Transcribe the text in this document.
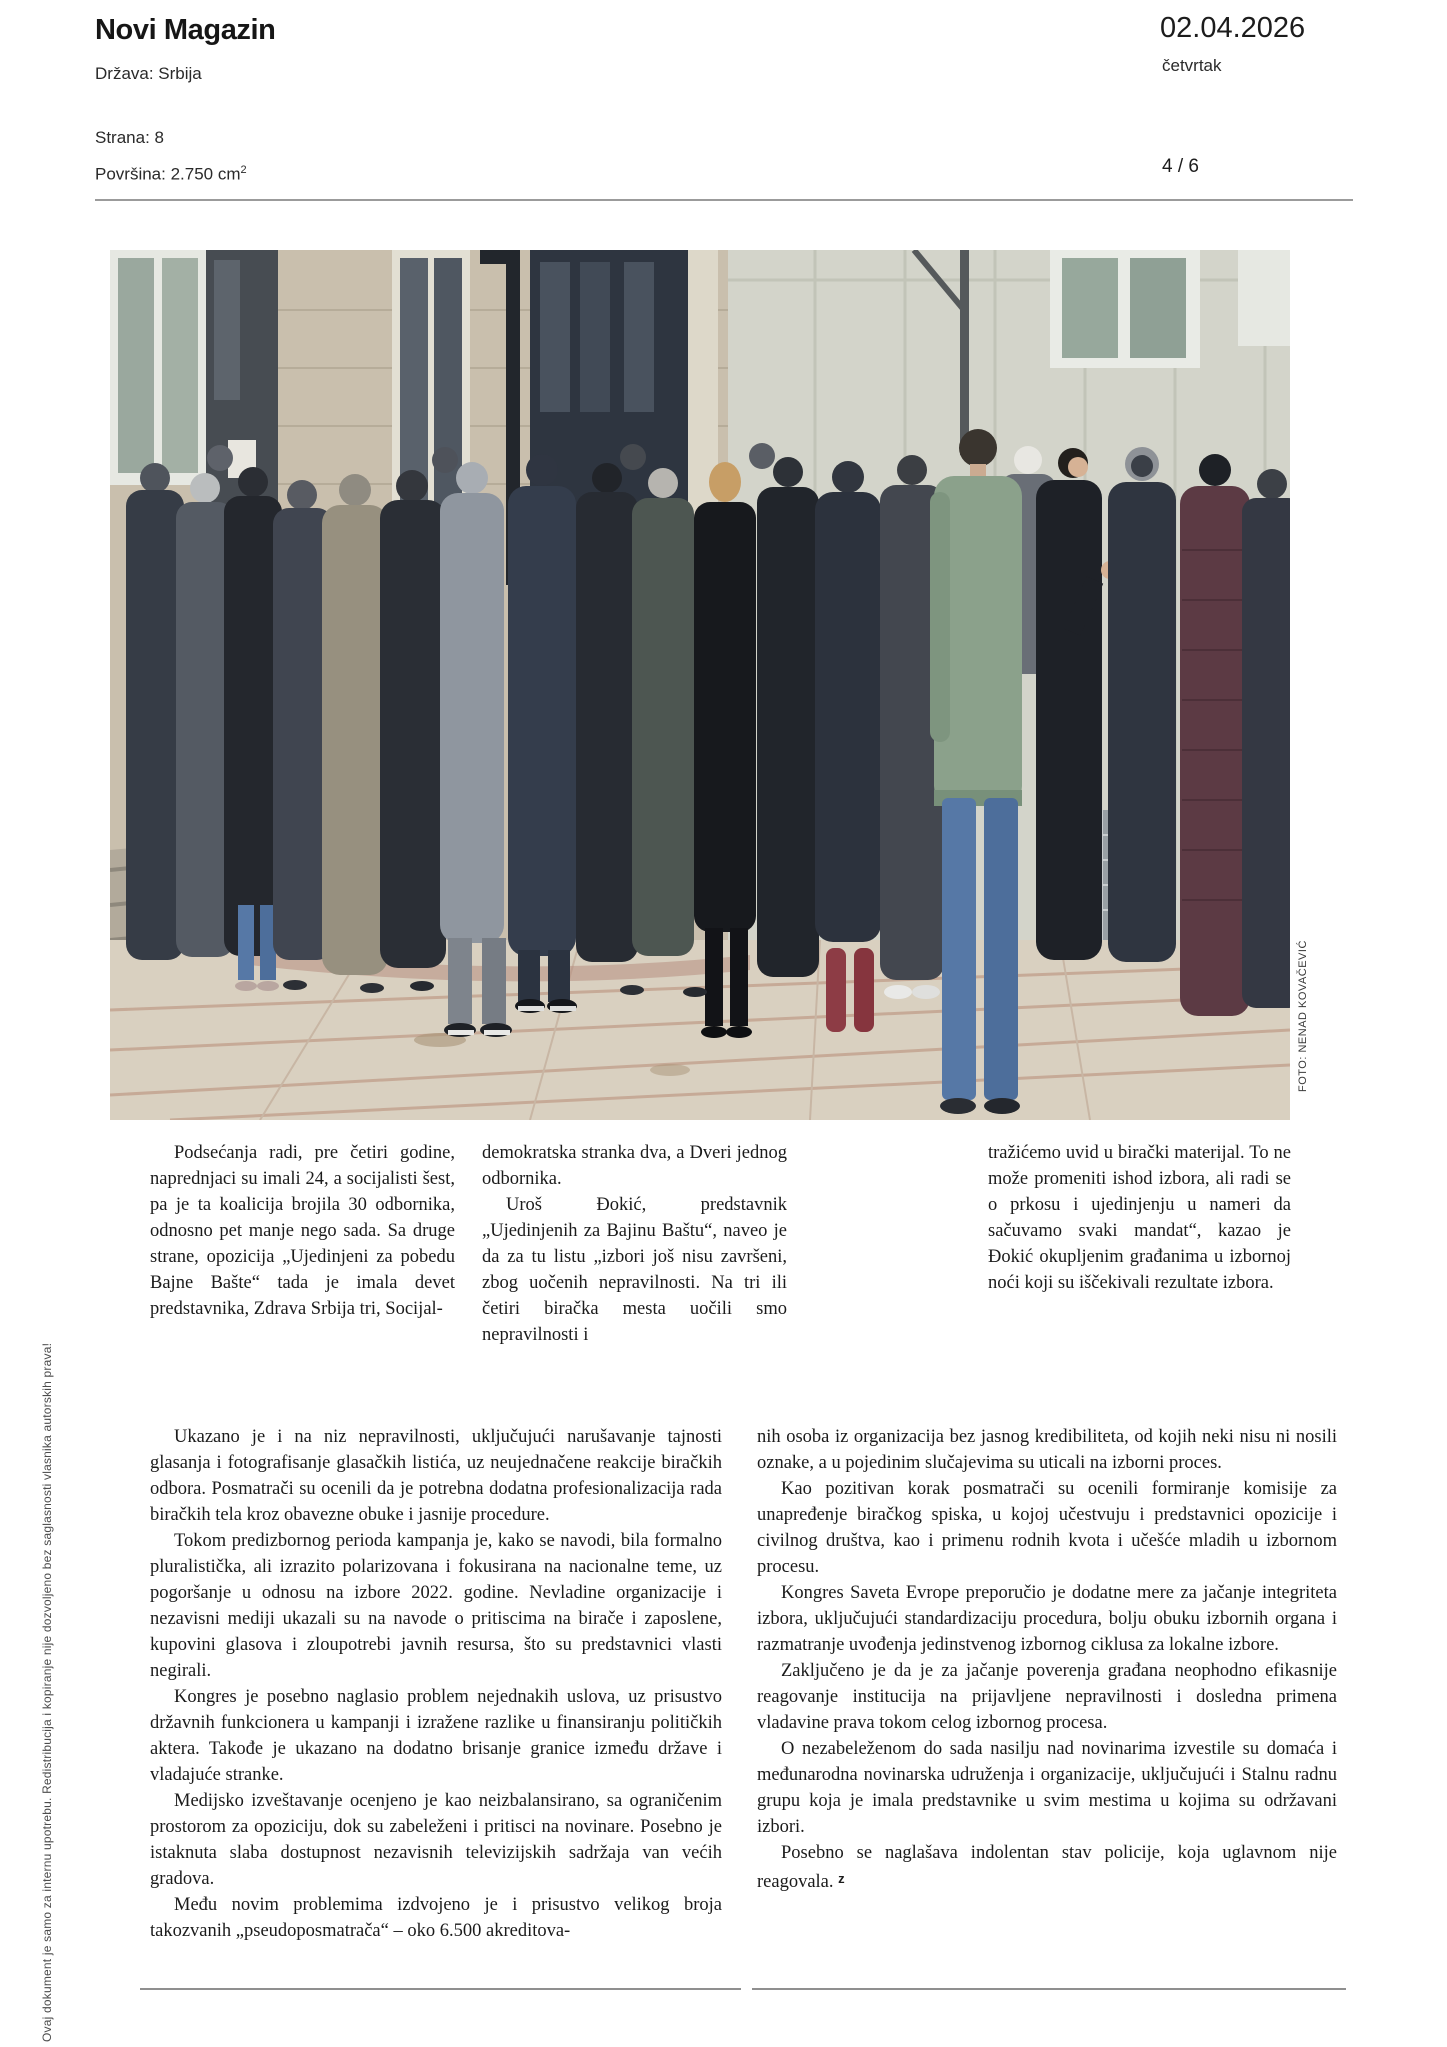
Novi Magazin
Država: Srbija
02.04.2026
četvrtak
Strana: 8
Površina: 2.750 $cm^2$	4 / 6
FOTO: NENAD KOVAČEVIĆ

Podsećanja radi, pre četiri godine, naprednjaci su imali 24, a socijalisti šest, pa je ta koalicija brojila 30 odbornika, odnosno pet manje nego sada. Sa druge strane, opozicija „Ujedinjeni za pobedu Bajne Bašte“ tada je imala devet predstavnika, Zdrava Srbija tri, Socijal-

demokratska stranka dva, a Dveri jednog odbornika.

Uroš Đokić, predstavnik „Ujedinjenih za Bajinu Baštu“, naveo je da za tu listu „izbori još nisu završeni, zbog uočenih nepravilnosti. Na tri ili četiri biračka mesta uočili smo nepravilnosti i

tražićemo uvid u birački materijal. To ne može promeniti ishod izbora, ali radi se o prkosu i ujedinjenju u nameri da sačuvamo svaki mandat“, kazao je Đokić okupljenim građanima u izbornoj noći koji su iščekivali rezultate izbora.

Ukazano je i na niz nepravilnosti, uključujući narušavanje tajnosti glasanja i fotografisanje glasačkih listića, uz neujednačene reakcije biračkih odbora. Posmatrači su ocenili da je potrebna dodatna profesionalizacija rada biračkih tela kroz obavezne obuke i jasnije procedure.

Tokom predizbornog perioda kampanja je, kako se navodi, bila formalno pluralistička, ali izrazito polarizovana i fokusirana na nacionalne teme, uz pogoršanje u odnosu na izbore 2022. godine. Nevladine organizacije i nezavisni mediji ukazali su na navode o pritiscima na birače i zaposlene, kupovini glasova i zloupotrebi javnih resursa, što su predstavnici vlasti negirali.

Kongres je posebno naglasio problem nejednakih uslova, uz prisustvo državnih funkcionera u kampanji i izražene razlike u finansiranju političkih aktera. Takođe je ukazano na dodatno brisanje granice između države i vladajuće stranke.

Medijsko izveštavanje ocenjeno je kao neizbalansirano, sa ograničenim prostorom za opoziciju, dok su zabeleženi i pritisci na novinare. Posebno je istaknuta slaba dostupnost nezavisnih televizijskih sadržaja van većih gradova.

Među novim problemima izdvojeno je i prisustvo velikog broja takozvanih „pseudoposmatrača“ – oko 6.500 akreditova-

nih osoba iz organizacija bez jasnog kredibiliteta, od kojih neki nisu ni nosili oznake, a u pojedinim slučajevima su uticali na izborni proces.

Kao pozitivan korak posmatrači su ocenili formiranje komisije za unapređenje biračkog spiska, u kojoj učestvuju i predstavnici opozicije i civilnog društva, kao i primenu rodnih kvota i učešće mladih u izbornom procesu.

Kongres Saveta Evrope preporučio je dodatne mere za jačanje integriteta izbora, uključujući standardizaciju procedura, bolju obuku izbornih organa i razmatranje uvođenja jedinstvenog izbornog ciklusa za lokalne izbore.

Zaključeno je da je za jačanje poverenja građana neophodno efikasnije reagovanje institucija na prijavljene nepravilnosti i dosledna primena vladavine prava tokom celog izbornog procesa.

O nezabeleženom do sada nasilju nad novinarima izvestile su domaća i međunarodna novinarska udruženja i organizacije, uključujući i Stalnu radnu grupu koja je imala predstavnike u svim mestima u kojima su održavani izbori.

Posebno se naglašava indolentan stav policije, koja uglavnom nije reagovala. $^z$

Ovaj dokument je samo za internu upotrebu. Redistribucija i kopiranje nije dozvoljeno bez saglasnosti vlasnika autorskih prava!
